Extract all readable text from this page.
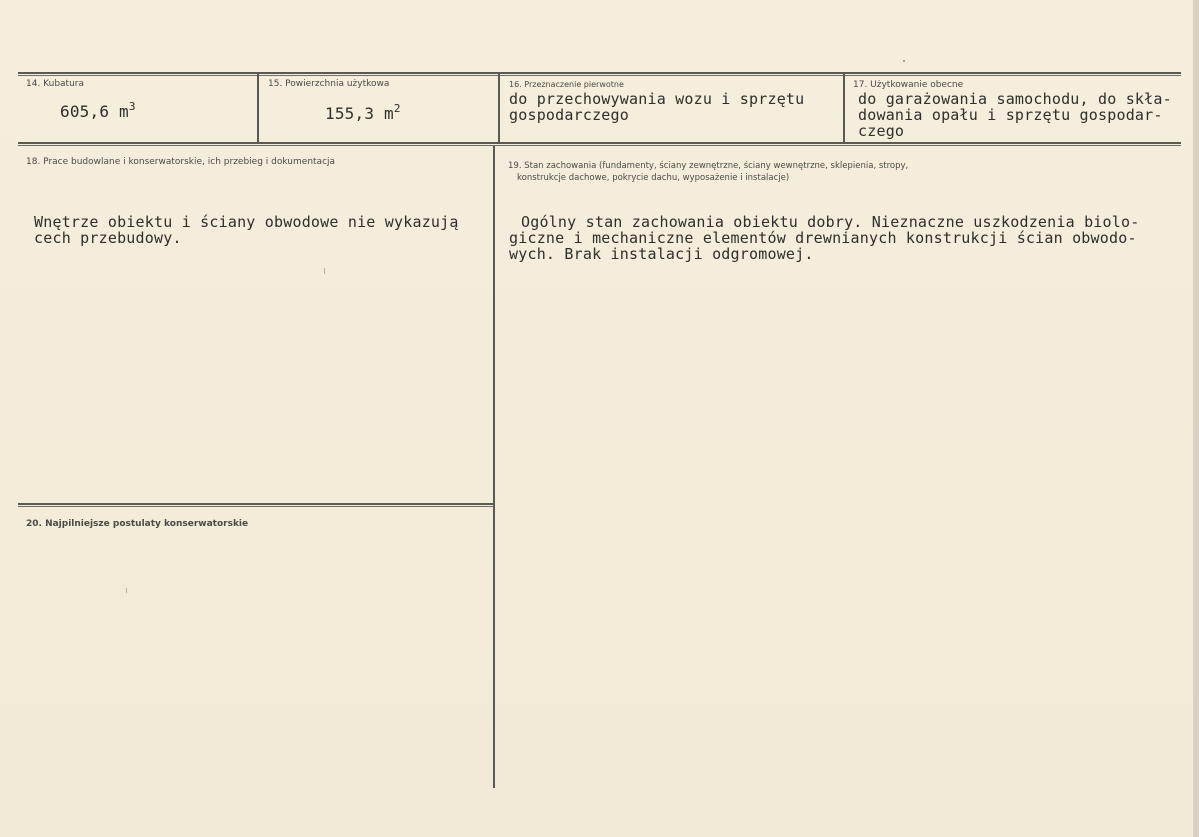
14. Kubatura
605,6 $m^3$
15. Powierzchnia użytkowa
155,3 $m^2$
16. Przeznaczenie pierwotne
do przechowywania wozu i sprzętu
gospodarczego
17. Użytkowanie obecne
do garażowania samochodu, do skła-
dowania opału i sprzętu gospodar-
czego
18. Prace budowlane i konserwatorskie, ich przebieg i dokumentacja
Wnętrze obiektu i ściany obwodowe nie wykazują
cech przebudowy.
19. Stan zachowania (fundamenty, ściany zewnętrzne, ściany wewnętrzne, sklepienia, stropy,
konstrukcje dachowe, pokrycie dachu, wyposażenie i instalacje)
Ogólny stan zachowania obiektu dobry. Nieznaczne uszkodzenia biolo-
giczne i mechaniczne elementów drewnianych konstrukcji ścian obwodo-
wych. Brak instalacji odgromowej.
20. Najpilniejsze postulaty konserwatorskie
